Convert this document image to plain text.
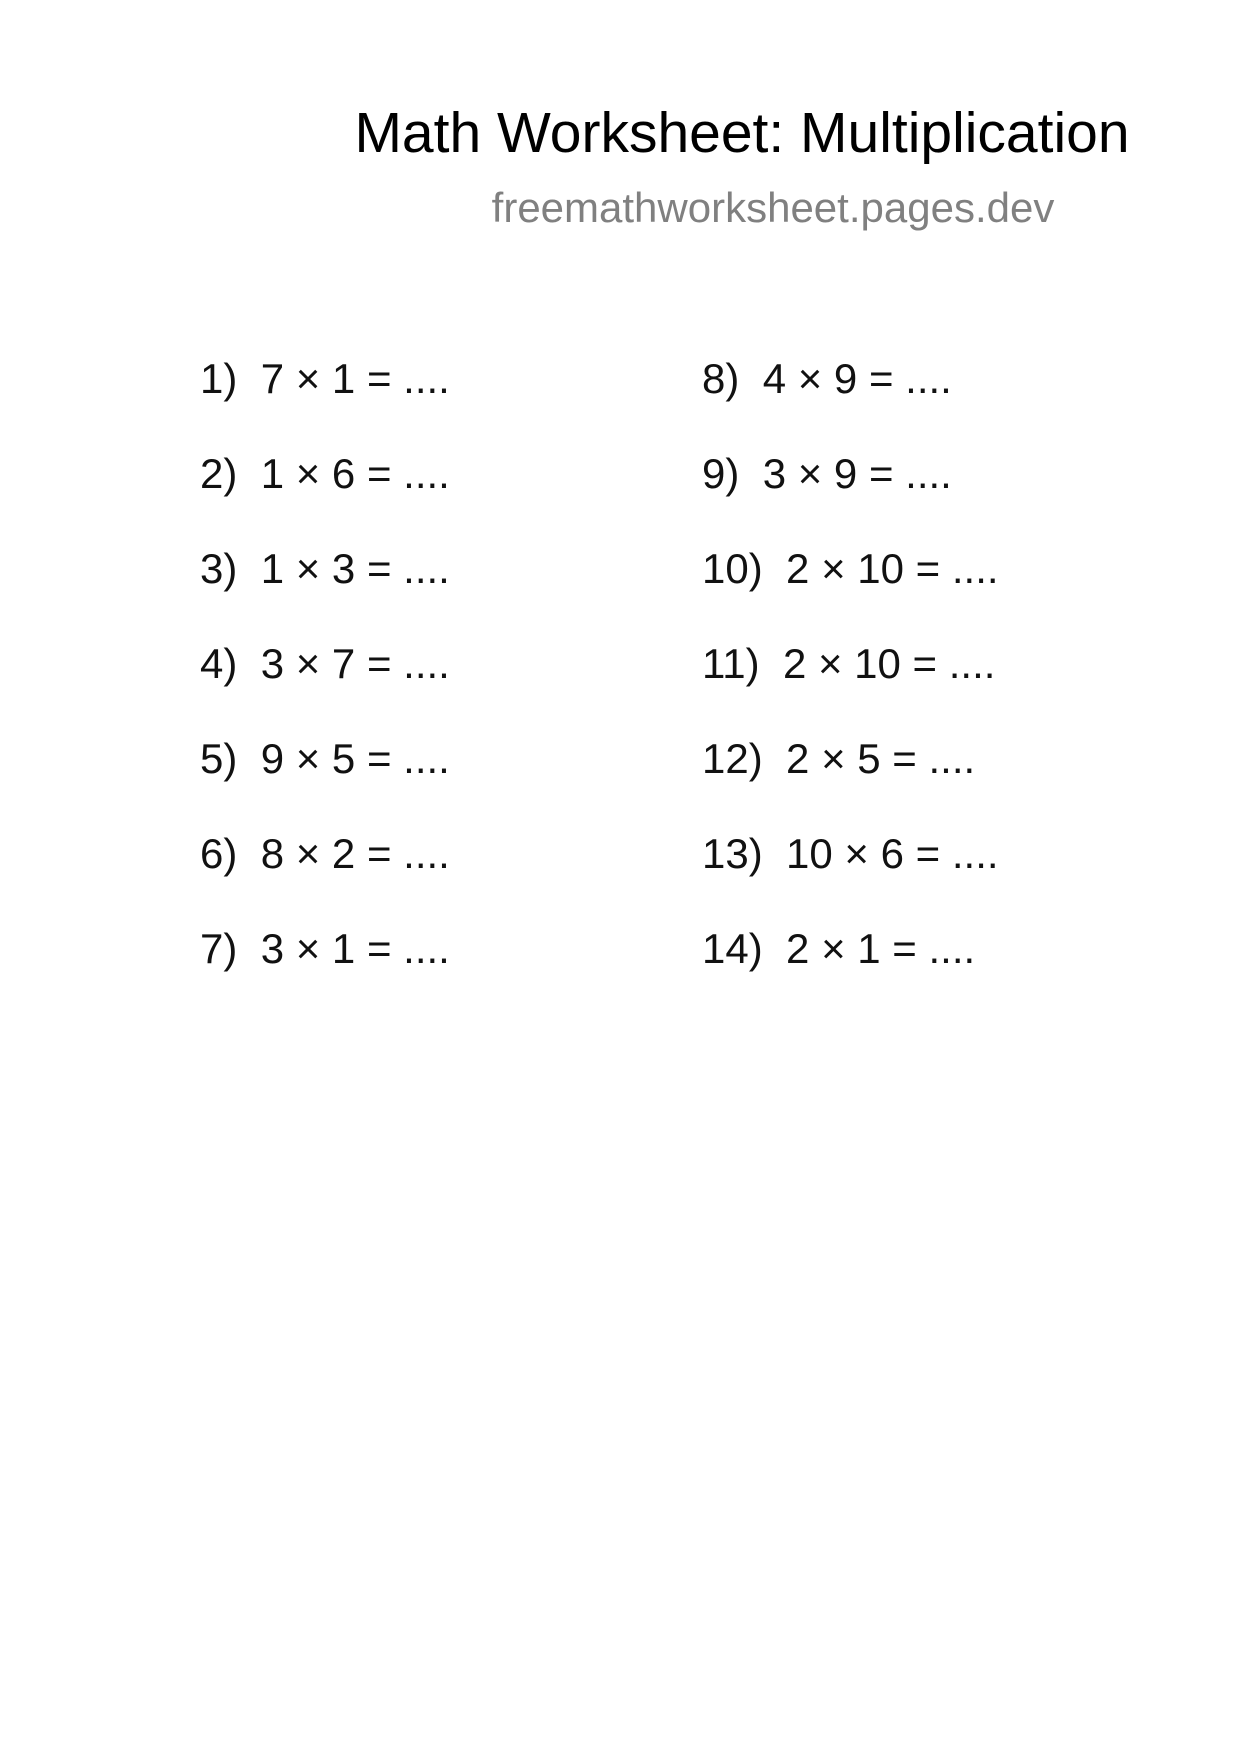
Math Worksheet: Multiplication
freemathworksheet.pages.dev
1) 7 × 1 = ....
2) 1 × 6 = ....
3) 1 × 3 = ....
4) 3 × 7 = ....
5) 9 × 5 = ....
6) 8 × 2 = ....
7) 3 × 1 = ....
8) 4 × 9 = ....
9) 3 × 9 = ....
10) 2 × 10 = ....
11) 2 × 10 = ....
12) 2 × 5 = ....
13) 10 × 6 = ....
14) 2 × 1 = ....
